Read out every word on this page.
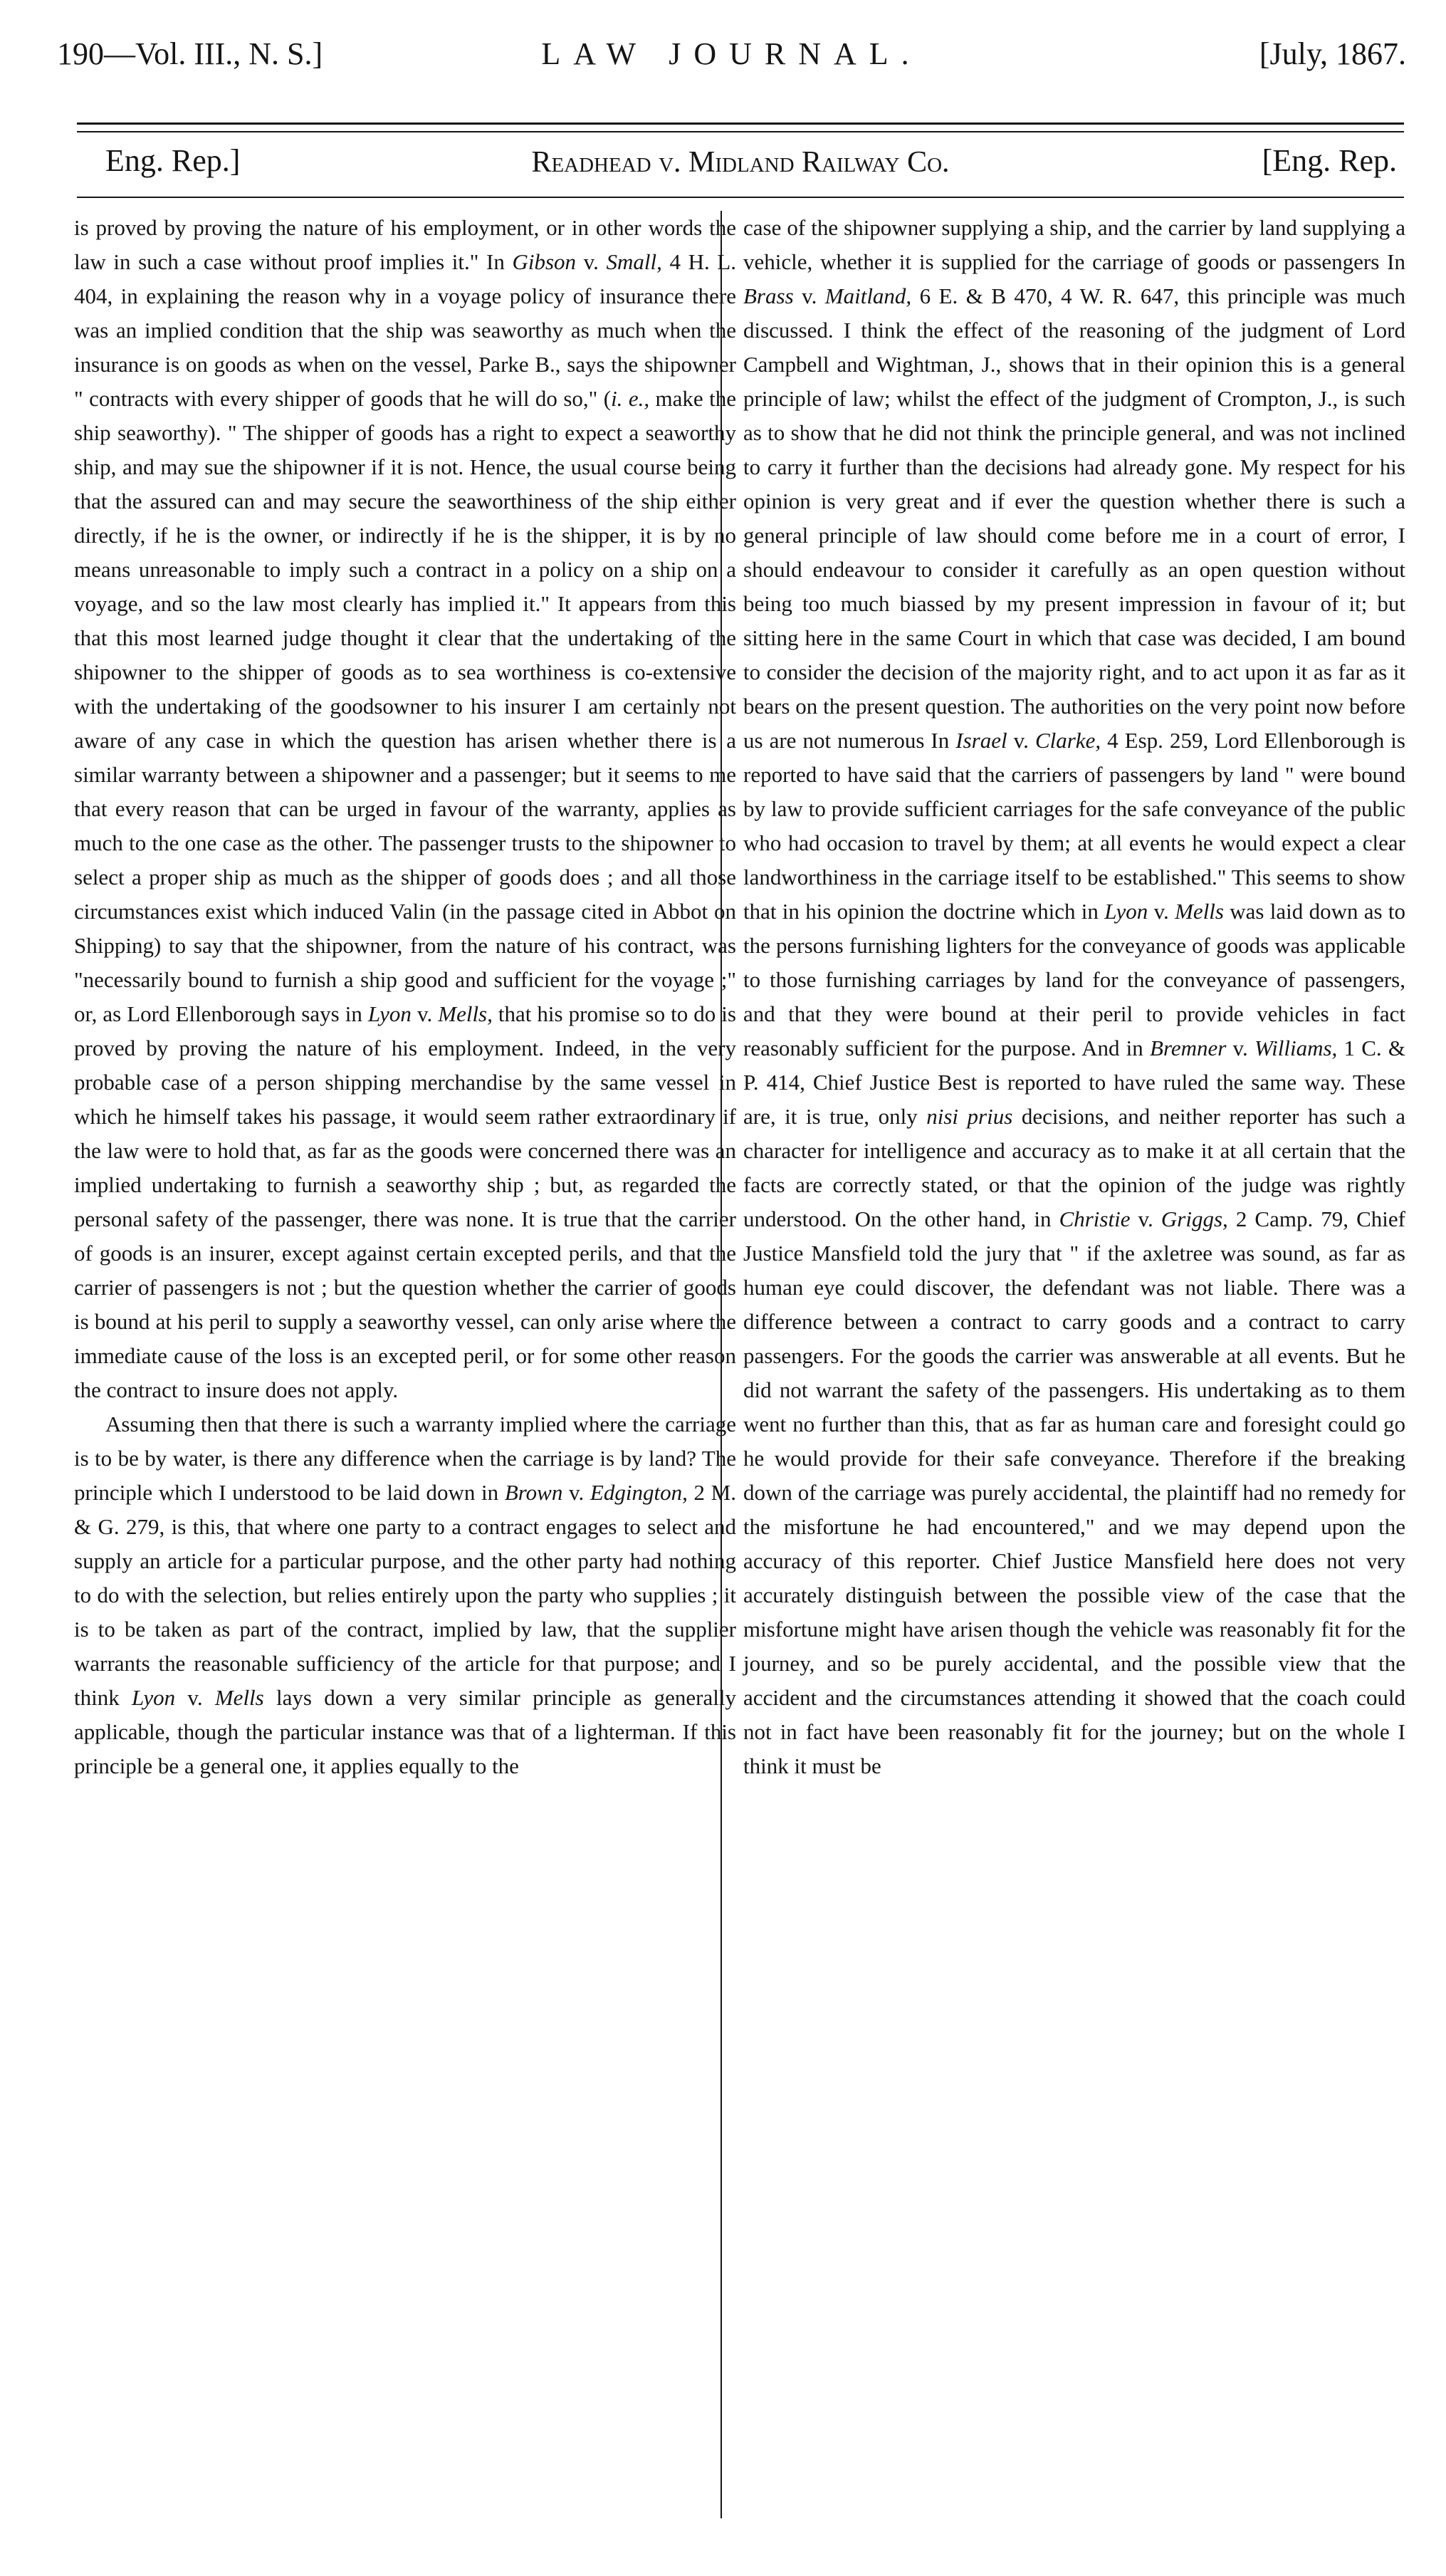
190—Vol. III., N. S.]	LAW JOURNAL.	[July, 1867.
Eng. Rep.]	Readhead v. Midland Railway Co.	[Eng. Rep.

is proved by proving the nature of his employment, or in other words the law in such a case without proof implies it." In Gibson v. Small, 4 H. L. 404, in explaining the reason why in a voyage policy of insurance there was an implied condition that the ship was seaworthy as much when the insurance is on goods as when on the vessel, Parke B., says the shipowner " contracts with every shipper of goods that he will do so," (i. e., make the ship seaworthy). " The shipper of goods has a right to expect a seaworthy ship, and may sue the shipowner if it is not. Hence, the usual course being that the assured can and may secure the seaworthiness of the ship either directly, if he is the owner, or indirectly if he is the shipper, it is by no means unreasonable to imply such a contract in a policy on a ship on a voyage, and so the law most clearly has implied it." It appears from this that this most learned judge thought it clear that the undertaking of the shipowner to the shipper of goods as to sea worthiness is co-extensive with the undertaking of the goodsowner to his insurer I am certainly not aware of any case in which the question has arisen whether there is a similar warranty between a shipowner and a passenger; but it seems to me that every reason that can be urged in favour of the warranty, applies as much to the one case as the other. The passenger trusts to the shipowner to select a proper ship as much as the shipper of goods does ; and all those circumstances exist which induced Valin (in the passage cited in Abbot on Shipping) to say that the shipowner, from the nature of his contract, was "necessarily bound to furnish a ship good and sufficient for the voyage ;" or, as Lord Ellenborough says in Lyon v. Mells, that his promise so to do is proved by proving the nature of his employment. Indeed, in the very probable case of a person shipping merchandise by the same vessel in which he himself takes his passage, it would seem rather extraordinary if the law were to hold that, as far as the goods were concerned there was an implied undertaking to furnish a seaworthy ship ; but, as regarded the personal safety of the passenger, there was none. It is true that the carrier of goods is an insurer, except against certain excepted perils, and that the carrier of passengers is not ; but the question whether the carrier of goods is bound at his peril to supply a seaworthy vessel, can only arise where the immediate cause of the loss is an excepted peril, or for some other reason the contract to insure does not apply.

Assuming then that there is such a warranty implied where the carriage is to be by water, is there any difference when the carriage is by land? The principle which I understood to be laid down in Brown v. Edgington, 2 M. & G. 279, is this, that where one party to a contract engages to select and supply an article for a particular purpose, and the other party had nothing to do with the selection, but relies entirely upon the party who supplies ; it is to be taken as part of the contract, implied by law, that the supplier warrants the reasonable sufficiency of the article for that purpose; and I think Lyon v. Mells lays down a very similar principle as generally applicable, though the particular instance was that of a lighterman. If this principle be a general one, it applies equally to the

case of the shipowner supplying a ship, and the carrier by land supplying a vehicle, whether it is supplied for the carriage of goods or passengers In Brass v. Maitland, 6 E. & B 470, 4 W. R. 647, this principle was much discussed. I think the effect of the reasoning of the judgment of Lord Campbell and Wightman, J., shows that in their opinion this is a general principle of law; whilst the effect of the judgment of Crompton, J., is such as to show that he did not think the principle general, and was not inclined to carry it further than the decisions had already gone. My respect for his opinion is very great and if ever the question whether there is such a general principle of law should come before me in a court of error, I should endeavour to consider it carefully as an open question without being too much biassed by my present impression in favour of it; but sitting here in the same Court in which that case was decided, I am bound to consider the decision of the majority right, and to act upon it as far as it bears on the present question. The authorities on the very point now before us are not numerous In Israel v. Clarke, 4 Esp. 259, Lord Ellenborough is reported to have said that the carriers of passengers by land " were bound by law to provide sufficient carriages for the safe conveyance of the public who had occasion to travel by them; at all events he would expect a clear landworthiness in the carriage itself to be established." This seems to show that in his opinion the doctrine which in Lyon v. Mells was laid down as to the persons furnishing lighters for the conveyance of goods was applicable to those furnishing carriages by land for the conveyance of passengers, and that they were bound at their peril to provide vehicles in fact reasonably sufficient for the purpose. And in Bremner v. Williams, 1 C. & P. 414, Chief Justice Best is reported to have ruled the same way. These are, it is true, only nisi prius decisions, and neither reporter has such a character for intelligence and accuracy as to make it at all certain that the facts are correctly stated, or that the opinion of the judge was rightly understood. On the other hand, in Christie v. Griggs, 2 Camp. 79, Chief Justice Mansfield told the jury that " if the axletree was sound, as far as human eye could discover, the defendant was not liable. There was a difference between a contract to carry goods and a contract to carry passengers. For the goods the carrier was answerable at all events. But he did not warrant the safety of the passengers. His undertaking as to them went no further than this, that as far as human care and foresight could go he would provide for their safe conveyance. Therefore if the breaking down of the carriage was purely accidental, the plaintiff had no remedy for the misfortune he had encountered," and we may depend upon the accuracy of this reporter. Chief Justice Mansfield here does not very accurately distinguish between the possible view of the case that the misfortune might have arisen though the vehicle was reasonably fit for the journey, and so be purely accidental, and the possible view that the accident and the circumstances attending it showed that the coach could not in fact have been reasonably fit for the journey; but on the whole I think it must be
